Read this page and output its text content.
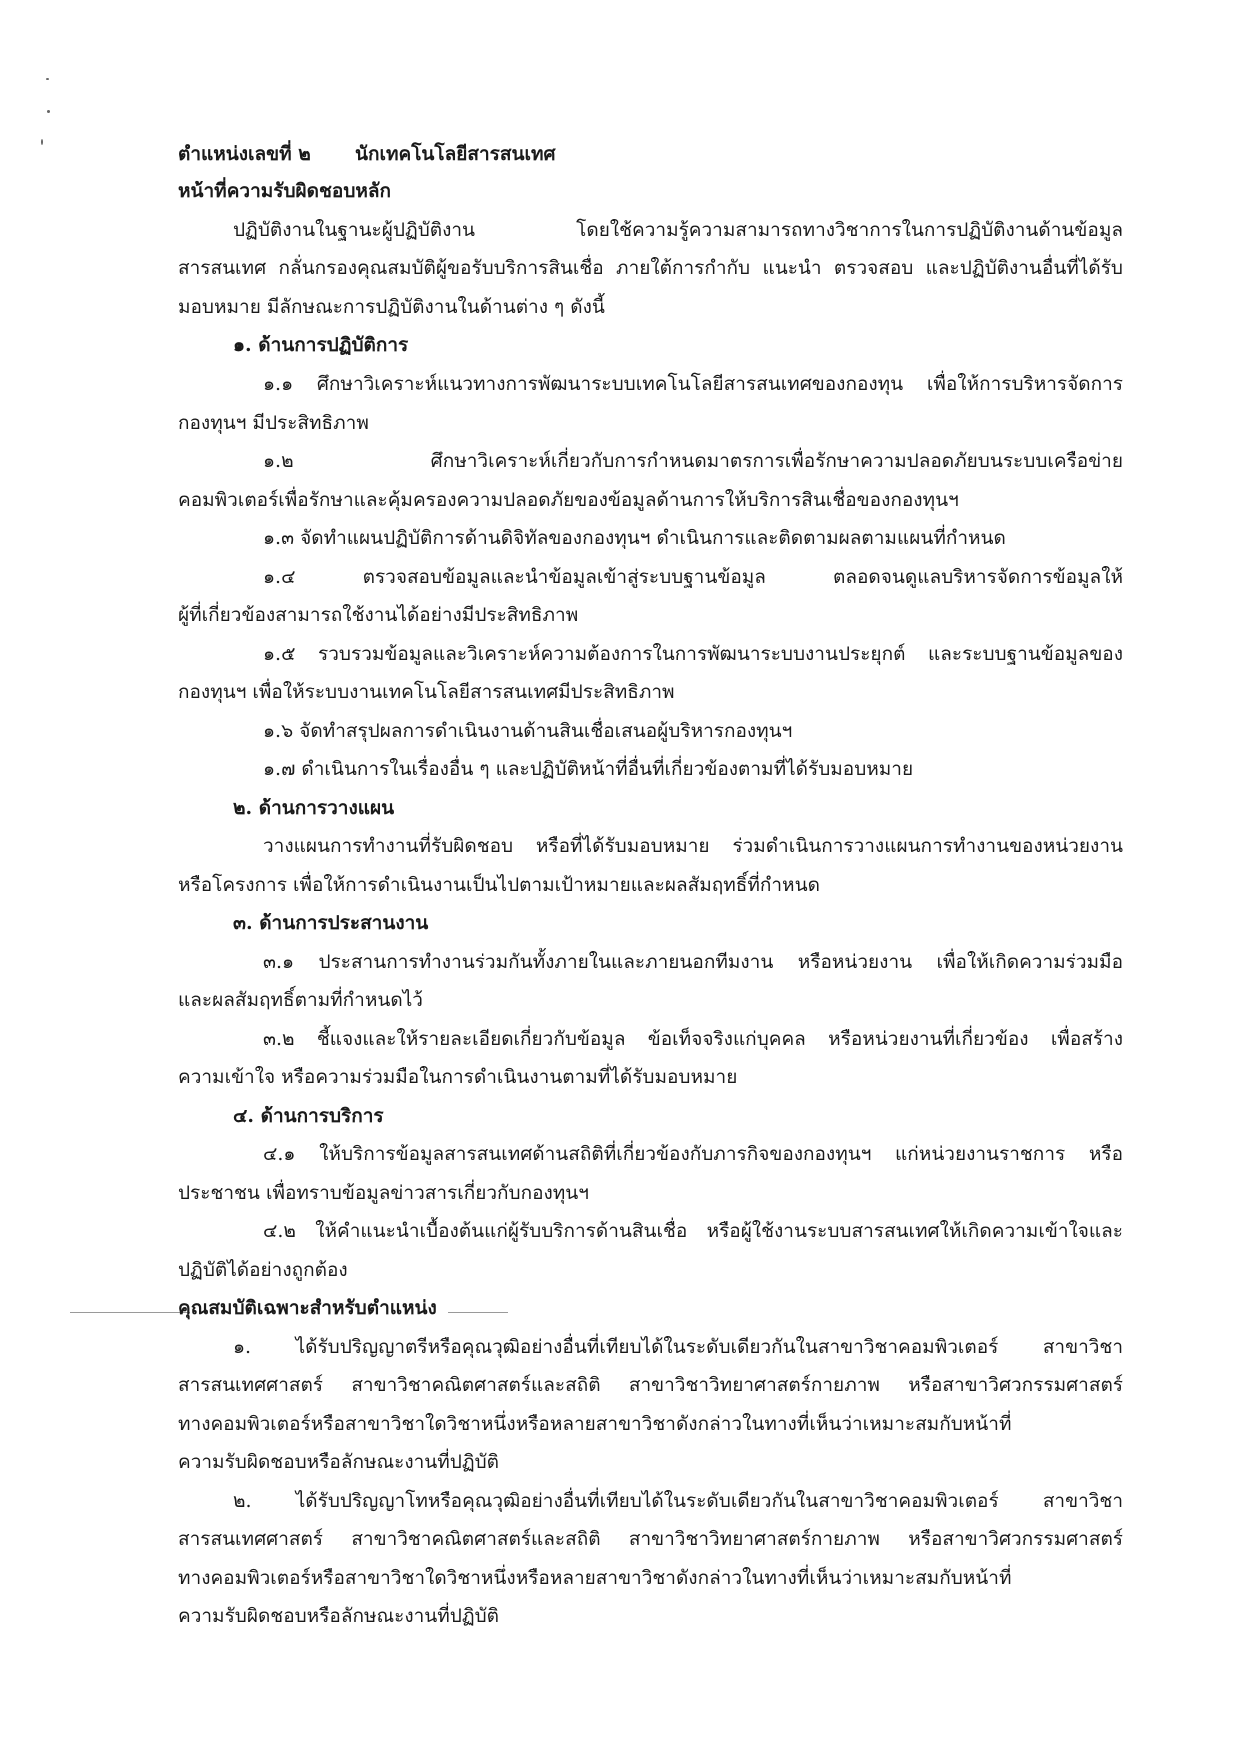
ตำแหน่งเลขที่ ๒	นักเทคโนโลยีสารสนเทศ

หน้าที่ความรับผิดชอบหลัก

ปฏิบัติงานในฐานะผู้ปฏิบัติงาน โดยใช้ความรู้ความสามารถทางวิชาการในการปฏิบัติงานด้านข้อมูล

สารสนเทศ กลั่นกรองคุณสมบัติผู้ขอรับบริการสินเชื่อ ภายใต้การกำกับ แนะนำ ตรวจสอบ และปฏิบัติงานอื่นที่ได้รับ

มอบหมาย มีลักษณะการปฏิบัติงานในด้านต่าง ๆ ดังนี้

๑. ด้านการปฏิบัติการ

๑.๑ ศึกษาวิเคราะห์แนวทางการพัฒนาระบบเทคโนโลยีสารสนเทศของกองทุน เพื่อให้การบริหารจัดการ

กองทุนฯ มีประสิทธิภาพ

๑.๒ ศึกษาวิเคราะห์เกี่ยวกับการกำหนดมาตรการเพื่อรักษาความปลอดภัยบนระบบเครือข่าย

คอมพิวเตอร์เพื่อรักษาและคุ้มครองความปลอดภัยของข้อมูลด้านการให้บริการสินเชื่อของกองทุนฯ

๑.๓ จัดทำแผนปฏิบัติการด้านดิจิทัลของกองทุนฯ ดำเนินการและติดตามผลตามแผนที่กำหนด

๑.๔ ตรวจสอบข้อมูลและนำข้อมูลเข้าสู่ระบบฐานข้อมูล ตลอดจนดูแลบริหารจัดการข้อมูลให้

ผู้ที่เกี่ยวข้องสามารถใช้งานได้อย่างมีประสิทธิภาพ

๑.๕ รวบรวมข้อมูลและวิเคราะห์ความต้องการในการพัฒนาระบบงานประยุกต์ และระบบฐานข้อมูลของ

กองทุนฯ เพื่อให้ระบบงานเทคโนโลยีสารสนเทศมีประสิทธิภาพ

๑.๖ จัดทำสรุปผลการดำเนินงานด้านสินเชื่อเสนอผู้บริหารกองทุนฯ

๑.๗ ดำเนินการในเรื่องอื่น ๆ และปฏิบัติหน้าที่อื่นที่เกี่ยวข้องตามที่ได้รับมอบหมาย

๒. ด้านการวางแผน

วางแผนการทำงานที่รับผิดชอบ หรือที่ได้รับมอบหมาย ร่วมดำเนินการวางแผนการทำงานของหน่วยงาน

หรือโครงการ เพื่อให้การดำเนินงานเป็นไปตามเป้าหมายและผลสัมฤทธิ์ที่กำหนด

๓. ด้านการประสานงาน

๓.๑ ประสานการทำงานร่วมกันทั้งภายในและภายนอกทีมงาน หรือหน่วยงาน เพื่อให้เกิดความร่วมมือ

และผลสัมฤทธิ์ตามที่กำหนดไว้

๓.๒ ชี้แจงและให้รายละเอียดเกี่ยวกับข้อมูล ข้อเท็จจริงแก่บุคคล หรือหน่วยงานที่เกี่ยวข้อง เพื่อสร้าง

ความเข้าใจ หรือความร่วมมือในการดำเนินงานตามที่ได้รับมอบหมาย

๔. ด้านการบริการ

๔.๑ ให้บริการข้อมูลสารสนเทศด้านสถิติที่เกี่ยวข้องกับภารกิจของกองทุนฯ แก่หน่วยงานราชการ หรือ

ประชาชน เพื่อทราบข้อมูลข่าวสารเกี่ยวกับกองทุนฯ

๔.๒ ให้คำแนะนำเบื้องต้นแก่ผู้รับบริการด้านสินเชื่อ หรือผู้ใช้งานระบบสารสนเทศให้เกิดความเข้าใจและ

ปฏิบัติได้อย่างถูกต้อง

คุณสมบัติเฉพาะสำหรับตำแหน่ง

๑. ได้รับปริญญาตรีหรือคุณวุฒิอย่างอื่นที่เทียบได้ในระดับเดียวกันในสาขาวิชาคอมพิวเตอร์ สาขาวิชา

สารสนเทศศาสตร์ สาขาวิชาคณิตศาสตร์และสถิติ สาขาวิชาวิทยาศาสตร์กายภาพ หรือสาขาวิศวกรรมศาสตร์

ทางคอมพิวเตอร์หรือสาขาวิชาใดวิชาหนึ่งหรือหลายสาขาวิชาดังกล่าวในทางที่เห็นว่าเหมาะสมกับหน้าที่

ความรับผิดชอบหรือลักษณะงานที่ปฏิบัติ

๒. ได้รับปริญญาโทหรือคุณวุฒิอย่างอื่นที่เทียบได้ในระดับเดียวกันในสาขาวิชาคอมพิวเตอร์ สาขาวิชา

สารสนเทศศาสตร์ สาขาวิชาคณิตศาสตร์และสถิติ สาขาวิชาวิทยาศาสตร์กายภาพ หรือสาขาวิศวกรรมศาสตร์

ทางคอมพิวเตอร์หรือสาขาวิชาใดวิชาหนึ่งหรือหลายสาขาวิชาดังกล่าวในทางที่เห็นว่าเหมาะสมกับหน้าที่

ความรับผิดชอบหรือลักษณะงานที่ปฏิบัติ
